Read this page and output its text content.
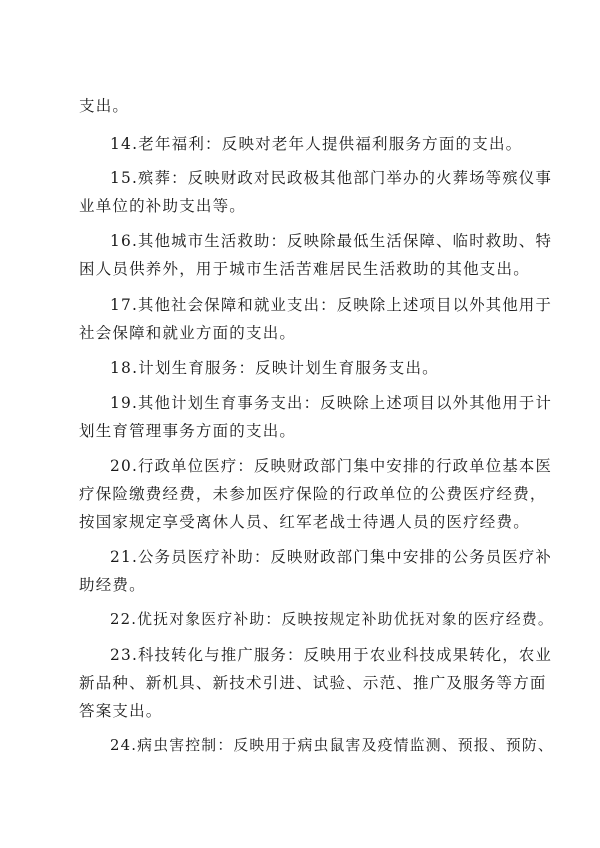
支出。
14.老年福利：反映对老年人提供福利服务方面的支出。
15.殡葬：反映财政对民政极其他部门举办的火葬场等殡仪事
业单位的补助支出等。
16.其他城市生活救助：反映除最低生活保障、临时救助、特
困人员供养外，用于城市生活苦难居民生活救助的其他支出。
17.其他社会保障和就业支出：反映除上述项目以外其他用于
社会保障和就业方面的支出。
18.计划生育服务：反映计划生育服务支出。
19.其他计划生育事务支出：反映除上述项目以外其他用于计
划生育管理事务方面的支出。
20.行政单位医疗：反映财政部门集中安排的行政单位基本医
疗保险缴费经费，未参加医疗保险的行政单位的公费医疗经费，
按国家规定享受离休人员、红军老战士待遇人员的医疗经费。
21.公务员医疗补助：反映财政部门集中安排的公务员医疗补
助经费。
22.优抚对象医疗补助：反映按规定补助优抚对象的医疗经费。
23.科技转化与推广服务：反映用于农业科技成果转化，农业
新品种、新机具、新技术引进、试验、示范、推广及服务等方面
答案支出。
24.病虫害控制：反映用于病虫鼠害及疫情监测、预报、预防、
